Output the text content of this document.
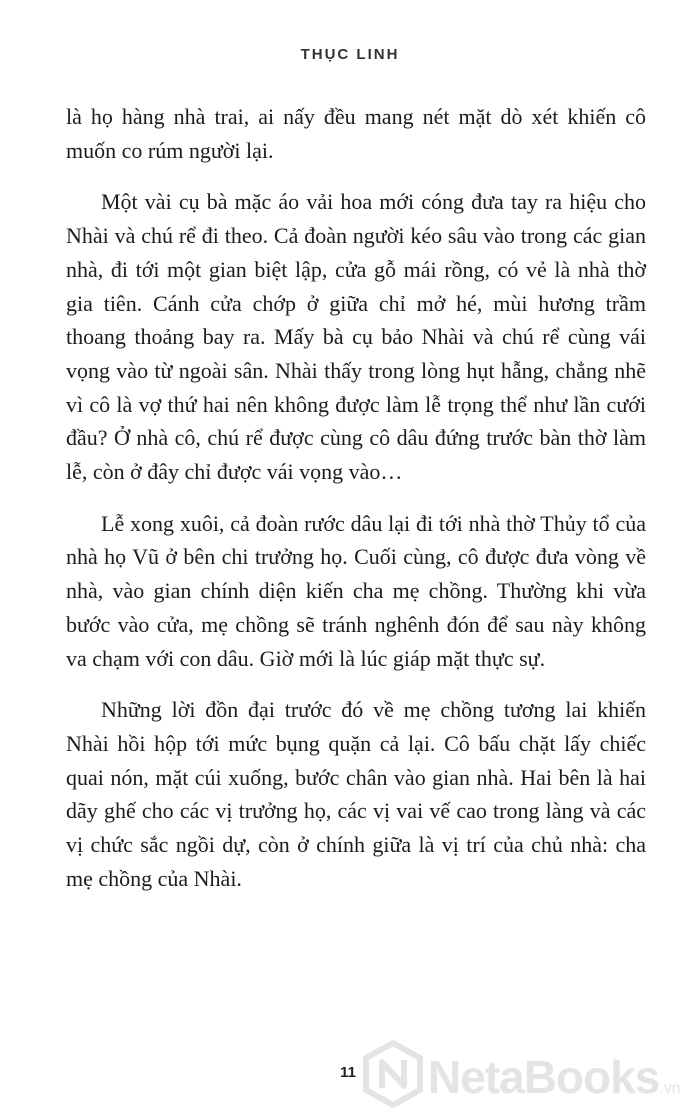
THỤC LINH

là họ hàng nhà trai, ai nấy đều mang nét mặt dò xét khiến cô muốn co rúm người lại.

Một vài cụ bà mặc áo vải hoa mới cóng đưa tay ra hiệu cho Nhài và chú rể đi theo. Cả đoàn người kéo sâu vào trong các gian nhà, đi tới một gian biệt lập, cửa gỗ mái rồng, có vẻ là nhà thờ gia tiên. Cánh cửa chớp ở giữa chỉ mở hé, mùi hương trầm thoang thoảng bay ra. Mấy bà cụ bảo Nhài và chú rể cùng vái vọng vào từ ngoài sân. Nhài thấy trong lòng hụt hẫng, chẳng nhẽ vì cô là vợ thứ hai nên không được làm lễ trọng thể như lần cưới đầu? Ở nhà cô, chú rể được cùng cô dâu đứng trước bàn thờ làm lễ, còn ở đây chỉ được vái vọng vào…

Lễ xong xuôi, cả đoàn rước dâu lại đi tới nhà thờ Thủy tổ của nhà họ Vũ ở bên chi trưởng họ. Cuối cùng, cô được đưa vòng về nhà, vào gian chính diện kiến cha mẹ chồng. Thường khi vừa bước vào cửa, mẹ chồng sẽ tránh nghênh đón để sau này không va chạm với con dâu. Giờ mới là lúc giáp mặt thực sự.

Những lời đồn đại trước đó về mẹ chồng tương lai khiến Nhài hồi hộp tới mức bụng quặn cả lại. Cô bấu chặt lấy chiếc quai nón, mặt cúi xuống, bước chân vào gian nhà. Hai bên là hai dãy ghế cho các vị trưởng họ, các vị vai vế cao trong làng và các vị chức sắc ngồi dự, còn ở chính giữa là vị trí của chủ nhà: cha mẹ chồng của Nhài.

11 NetaBooks.vn
